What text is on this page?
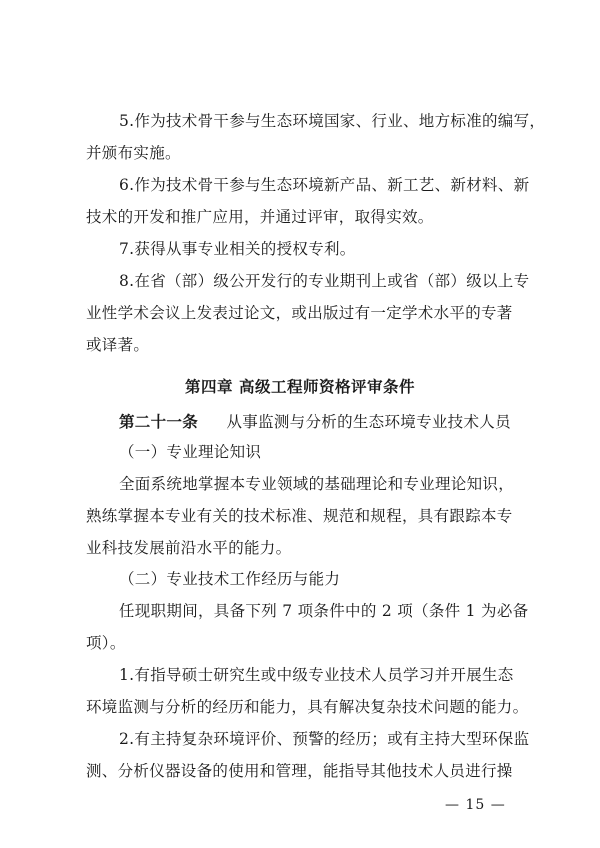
5.作为技术骨干参与生态环境国家、行业、地方标准的编写，
并颁布实施。
6.作为技术骨干参与生态环境新产品、新工艺、新材料、新
技术的开发和推广应用，并通过评审，取得实效。
7.获得从事专业相关的授权专利。
8.在省（部）级公开发行的专业期刊上或省（部）级以上专
业性学术会议上发表过论文，或出版过有一定学术水平的专著
或译著。
第四章 高级工程师资格评审条件
第二十一条 从事监测与分析的生态环境专业技术人员
（一）专业理论知识
全面系统地掌握本专业领域的基础理论和专业理论知识，
熟练掌握本专业有关的技术标准、规范和规程，具有跟踪本专
业科技发展前沿水平的能力。
（二）专业技术工作经历与能力
任现职期间，具备下列 7 项条件中的 2 项（条件 1 为必备
项）。
1.有指导硕士研究生或中级专业技术人员学习并开展生态
环境监测与分析的经历和能力，具有解决复杂技术问题的能力。
2.有主持复杂环境评价、预警的经历；或有主持大型环保监
测、分析仪器设备的使用和管理，能指导其他技术人员进行操
— 15 —
